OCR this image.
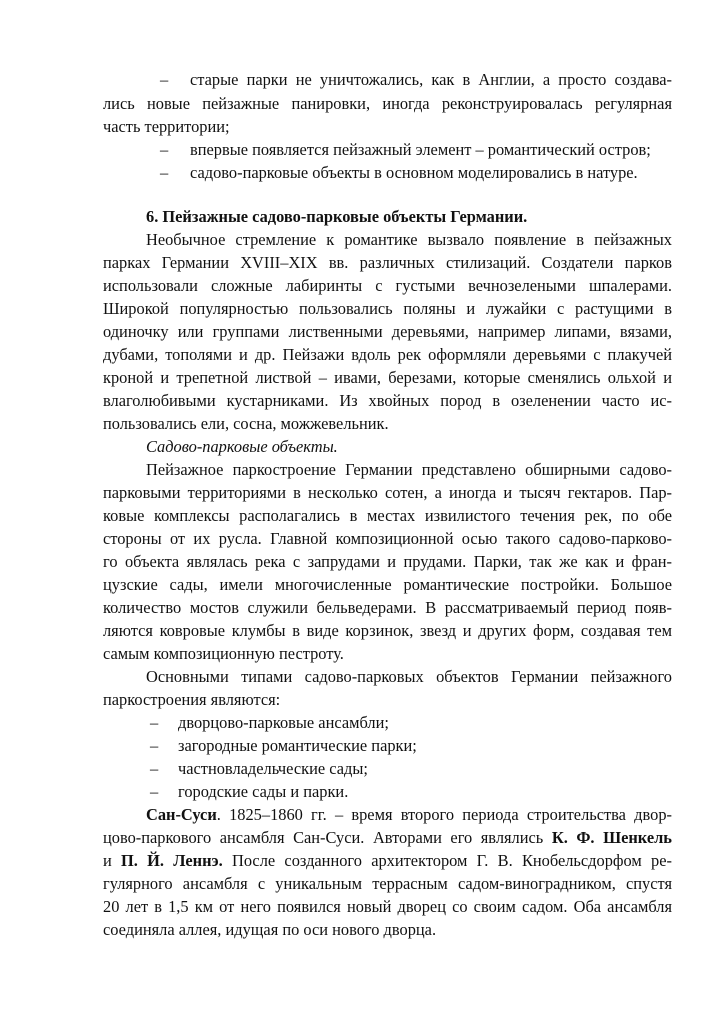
– старые парки не уничтожались, как в Англии, а просто создава-
лись новые пейзажные панировки, иногда реконструировалась регулярная
часть территории;
– впервые появляется пейзажный элемент – романтический остров;
– садово-парковые объекты в основном моделировались в натуре.
6. Пейзажные садово-парковые объекты Германии.
Необычное стремление к романтике вызвало появление в пейзажных
парках Германии XVIII–XIX вв. различных стилизаций. Создатели парков
использовали сложные лабиринты с густыми вечнозелеными шпалерами.
Широкой популярностью пользовались поляны и лужайки с растущими в
одиночку или группами лиственными деревьями, например липами, вязами,
дубами, тополями и др. Пейзажи вдоль рек оформляли деревьями с плакучей
кроной и трепетной листвой – ивами, березами, которые сменялись ольхой и
влаголюбивыми кустарниками. Из хвойных пород в озеленении часто ис-
пользовались ели, сосна, можжевельник.
Садово-парковые объекты.
Пейзажное паркостроение Германии представлено обширными садово-
парковыми территориями в несколько сотен, а иногда и тысяч гектаров. Пар-
ковые комплексы располагались в местах извилистого течения рек, по обе
стороны от их русла. Главной композиционной осью такого садово-парково-
го объекта являлась река с запрудами и прудами. Парки, так же как и фран-
цузские сады, имели многочисленные романтические постройки. Большое
количество мостов служили бельведерами. В рассматриваемый период появ-
ляются ковровые клумбы в виде корзинок, звезд и других форм, создавая тем
самым композиционную пестроту.
Основными типами садово-парковых объектов Германии пейзажного
паркостроения являются:
– дворцово-парковые ансамбли;
– загородные романтические парки;
– частновладельческие сады;
– городские сады и парки.
Сан-Суси. 1825–1860 гг. – время второго периода строительства двор-
цово-паркового ансамбля Сан-Суси. Авторами его являлись К. Ф. Шенкель
и П. Й. Леннэ. После созданного архитектором Г. В. Кнобельсдорфом ре-
гулярного ансамбля с уникальным террасным садом-виноградником, спустя
20 лет в 1,5 км от него появился новый дворец со своим садом. Оба ансамбля
соединяла аллея, идущая по оси нового дворца.
